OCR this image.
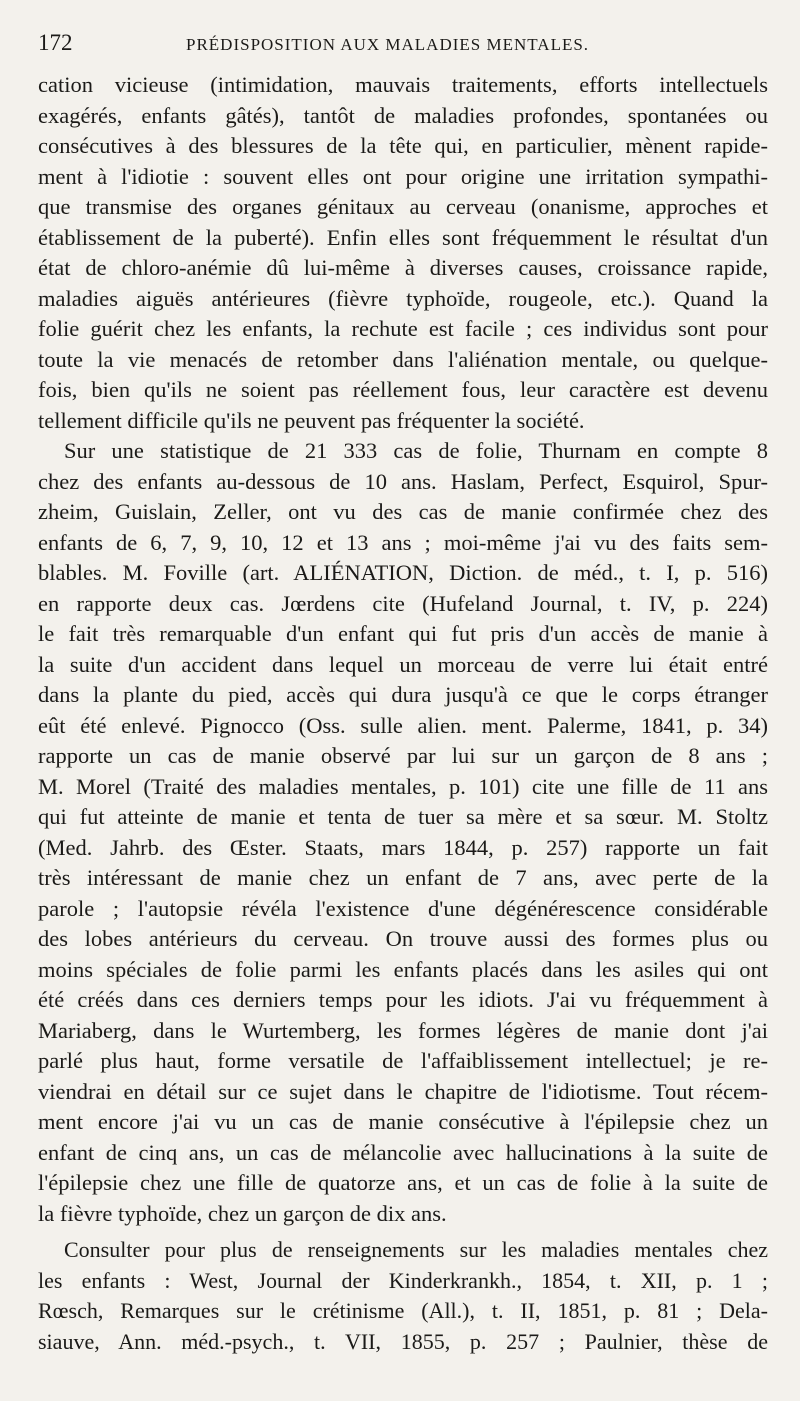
172	PRÉDISPOSITION AUX MALADIES MENTALES.
cation vicieuse (intimidation, mauvais traitements, efforts intellectuels
exagérés, enfants gâtés), tantôt de maladies profondes, spontanées ou
consécutives à des blessures de la tête qui, en particulier, mènent rapide-
ment à l'idiotie : souvent elles ont pour origine une irritation sympathi-
que transmise des organes génitaux au cerveau (onanisme, approches et
établissement de la puberté). Enfin elles sont fréquemment le résultat d'un
état de chloro-anémie dû lui-même à diverses causes, croissance rapide,
maladies aiguës antérieures (fièvre typhoïde, rougeole, etc.). Quand la
folie guérit chez les enfants, la rechute est facile ; ces individus sont pour
toute la vie menacés de retomber dans l'aliénation mentale, ou quelque-
fois, bien qu'ils ne soient pas réellement fous, leur caractère est devenu
tellement difficile qu'ils ne peuvent pas fréquenter la société.
Sur une statistique de 21 333 cas de folie, Thurnam en compte 8
chez des enfants au-dessous de 10 ans. Haslam, Perfect, Esquirol, Spur-
zheim, Guislain, Zeller, ont vu des cas de manie confirmée chez des
enfants de 6, 7, 9, 10, 12 et 13 ans ; moi-même j'ai vu des faits sem-
blables. M. Foville (art. ALIÉNATION, Diction. de méd., t. I, p. 516)
en rapporte deux cas. Jœrdens cite (Hufeland Journal, t. IV, p. 224)
le fait très remarquable d'un enfant qui fut pris d'un accès de manie à
la suite d'un accident dans lequel un morceau de verre lui était entré
dans la plante du pied, accès qui dura jusqu'à ce que le corps étranger
eût été enlevé. Pignocco (Oss. sulle alien. ment. Palerme, 1841, p. 34)
rapporte un cas de manie observé par lui sur un garçon de 8 ans ;
M. Morel (Traité des maladies mentales, p. 101) cite une fille de 11 ans
qui fut atteinte de manie et tenta de tuer sa mère et sa sœur. M. Stoltz
(Med. Jahrb. des Œster. Staats, mars 1844, p. 257) rapporte un fait
très intéressant de manie chez un enfant de 7 ans, avec perte de la
parole ; l'autopsie révéla l'existence d'une dégénérescence considérable
des lobes antérieurs du cerveau. On trouve aussi des formes plus ou
moins spéciales de folie parmi les enfants placés dans les asiles qui ont
été créés dans ces derniers temps pour les idiots. J'ai vu fréquemment à
Mariaberg, dans le Wurtemberg, les formes légères de manie dont j'ai
parlé plus haut, forme versatile de l'affaiblissement intellectuel; je re-
viendrai en détail sur ce sujet dans le chapitre de l'idiotisme. Tout récem-
ment encore j'ai vu un cas de manie consécutive à l'épilepsie chez un
enfant de cinq ans, un cas de mélancolie avec hallucinations à la suite de
l'épilepsie chez une fille de quatorze ans, et un cas de folie à la suite de
la fièvre typhoïde, chez un garçon de dix ans.
Consulter pour plus de renseignements sur les maladies mentales chez
les enfants : West, Journal der Kinderkrankh., 1854, t. XII, p. 1 ;
Rœsch, Remarques sur le crétinisme (All.), t. II, 1851, p. 81 ; Dela-
siauve, Ann. méd.-psych., t. VII, 1855, p. 257 ; Paulnier, thèse de
